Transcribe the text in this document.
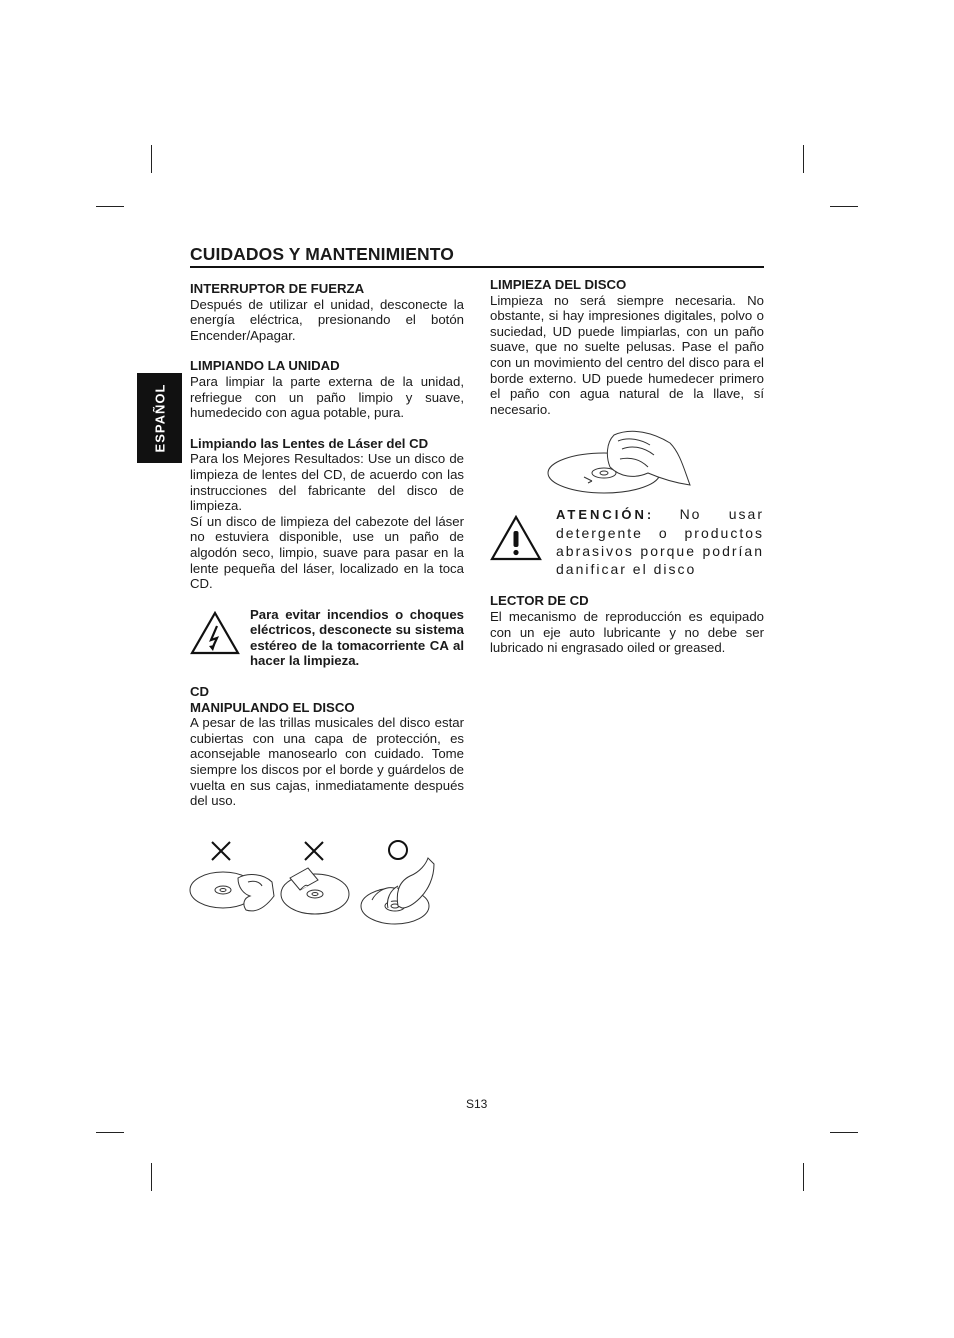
CUIDADOS Y MANTENIMIENTO
ESPAÑOL
INTERRUPTOR DE FUERZA

Después de utilizar el unidad, desconecte la energía eléctrica, presionando el botón Encender/Apagar.

LIMPIANDO LA UNIDAD

Para limpiar la parte externa de la unidad, refriegue con un paño limpio y suave, humedecido con agua potable, pura.

Limpiando las Lentes de Láser del CD

Para los Mejores Resultados: Use un disco de limpieza de lentes del CD, de acuerdo con las instrucciones del fabricante del disco de limpieza.

Sí un disco de limpieza del cabezote del láser no estuviera disponible, use un paño de algodón seco, limpio, suave para pasar en la lente pequeña del láser, localizado en la toca CD.

Para evitar incendios o choques eléctricos, desconecte su sistema estéreo de la tomacorriente CA al hacer la limpieza.

CD
MANIPULANDO EL DISCO

A pesar de las trillas musicales del disco estar cubiertas con una capa de protección, es aconsejable manosearlo con cuidado. Tome siempre los discos por el borde y guárdelos de vuelta en sus cajas, inmediatamente después del uso.

LIMPIEZA DEL DISCO

Limpieza no será siempre necesaria. No obstante, si hay impresiones digitales, polvo o suciedad, UD puede limpiarlas, con un paño suave, que no suelte pelusas. Pase el paño con un movimiento del centro del disco para el borde externo. UD puede humedecer primero el paño con agua natural de la llave, sí necesario.

ATENCIÓN: No usar detergente o productos abrasivos porque podrían danificar el disco

LECTOR DE CD

El mecanismo de reproducción es equipado con un eje auto lubricante y no debe ser lubricado ni engrasado oiled or greased.

S13
